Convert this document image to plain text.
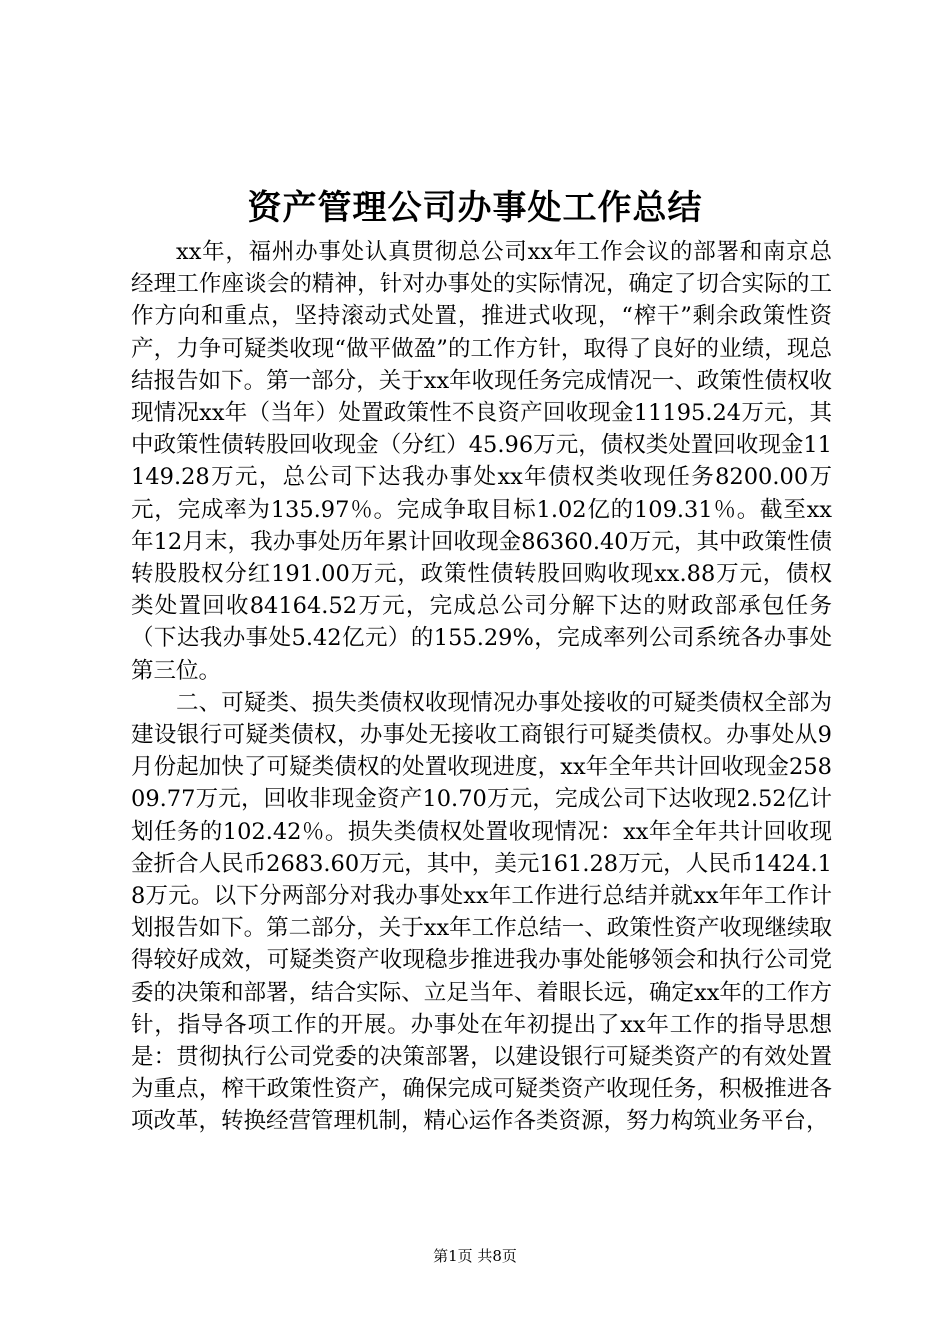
资产管理公司办事处工作总结

xx年，福州办事处认真贯彻总公司xx年工作会议的部署和南京总经理工作座谈会的精神，针对办事处的实际情况，确定了切合实际的工作方向和重点，坚持滚动式处置，推进式收现，“榨干”剩余政策性资产，力争可疑类收现“做平做盈”的工作方针，取得了良好的业绩，现总结报告如下。第一部分，关于xx年收现任务完成情况一、政策性债权收现情况xx年（当年）处置政策性不良资产回收现金11195.24万元，其中政策性债转股回收现金（分红）45.96万元，债权类处置回收现金11149.28万元，总公司下达我办事处xx年债权类收现任务8200.00万元，完成率为135.97％。完成争取目标1.02亿的109.31％。截至xx年12月末，我办事处历年累计回收现金86360.40万元，其中政策性债转股股权分红191.00万元，政策性债转股回购收现xx.88万元，债权类处置回收84164.52万元，完成总公司分解下达的财政部承包任务（下达我办事处5.42亿元）的155.29%，完成率列公司系统各办事处第三位。

二、可疑类、损失类债权收现情况办事处接收的可疑类债权全部为建设银行可疑类债权，办事处无接收工商银行可疑类债权。办事处从9月份起加快了可疑类债权的处置收现进度，xx年全年共计回收现金25809.77万元，回收非现金资产10.70万元，完成公司下达收现2.52亿计划任务的102.42％。损失类债权处置收现情况：xx年全年共计回收现金折合人民币2683.60万元，其中，美元161.28万元，人民币1424.18万元。以下分两部分对我办事处xx年工作进行总结并就xx年年工作计划报告如下。第二部分，关于xx年工作总结一、政策性资产收现继续取得较好成效，可疑类资产收现稳步推进我办事处能够领会和执行公司党委的决策和部署，结合实际、立足当年、着眼长远，确定xx年的工作方针，指导各项工作的开展。办事处在年初提出了xx年工作的指导思想是：贯彻执行公司党委的决策部署，以建设银行可疑类资产的有效处置为重点，榨干政策性资产，确保完成可疑类资产收现任务，积极推进各项改革，转换经营管理机制，精心运作各类资源，努力构筑业务平台，

第1页 共8页
